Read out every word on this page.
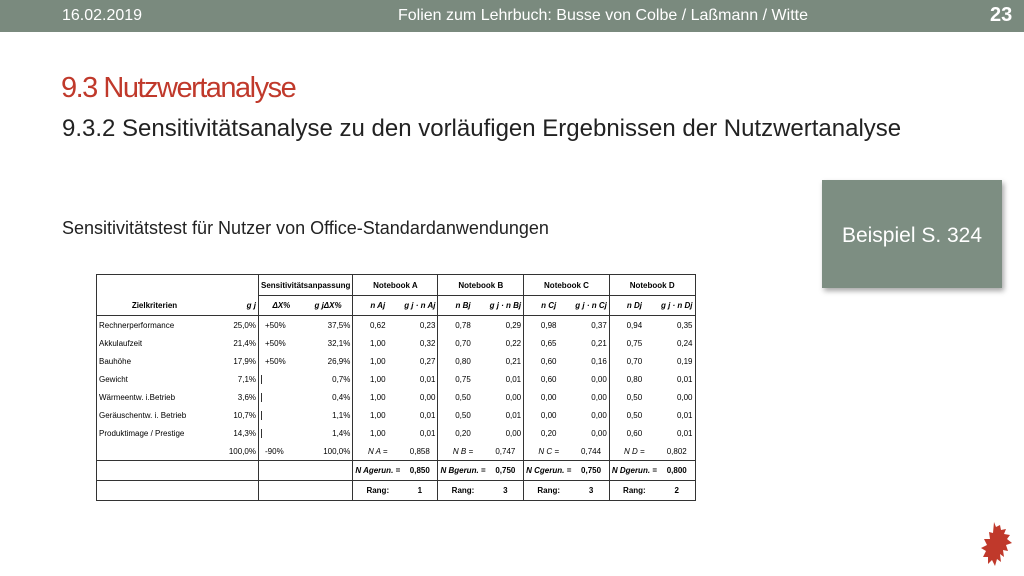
16.02.2019	Folien zum Lehrbuch: Busse von Colbe / Laßmann / Witte	23
9.3 Nutzwertanalyse
9.3.2 Sensitivitätsanalyse zu den vorläufigen Ergebnissen der Nutzwertanalyse
Beispiel S. 324
Sensitivitätstest für Nutzer von Office-Standardanwendungen
		Sensitivitätsanpassung		Notebook A		Notebook B		Notebook C		Notebook D	
Zielkriterien	g j	ΔX%	g jΔX%	n Aj	g j · n Aj	n Bj	g j · n Bj	n Cj	g j · n Cj	n Dj	g j · n Dj
Rechnerperformance	25,0%	+50%	37,5%	0,62	0,23	0,78	0,29	0,98	0,37	0,94	0,35
Akkulaufzeit	21,4%	+50%	32,1%	1,00	0,32	0,70	0,22	0,65	0,21	0,75	0,24
Bauhöhe	17,9%	+50%	26,9%	1,00	0,27	0,80	0,21	0,60	0,16	0,70	0,19
Gewicht	7,1%		0,7%	1,00	0,01	0,75	0,01	0,60	0,00	0,80	0,01
Wärmeentw. i.Betrieb	3,6%		0,4%	1,00	0,00	0,50	0,00	0,00	0,00	0,50	0,00
Geräuschentw. i. Betrieb	10,7%		1,1%	1,00	0,01	0,50	0,01	0,00	0,00	0,50	0,01
Produktimage / Prestige	14,3%		1,4%	1,00	0,01	0,20	0,00	0,20	0,00	0,60	0,01
	100,0%	-90%	100,0%	N A =	0,858	N B =	0,747	N C =	0,744	N D =	0,802
				N Agerun. =	0,850	N Bgerun. =	0,750	N Cgerun. =	0,750	N Dgerun. =	0,800
				Rang:	1	Rang:	3	Rang:	3	Rang:	2
